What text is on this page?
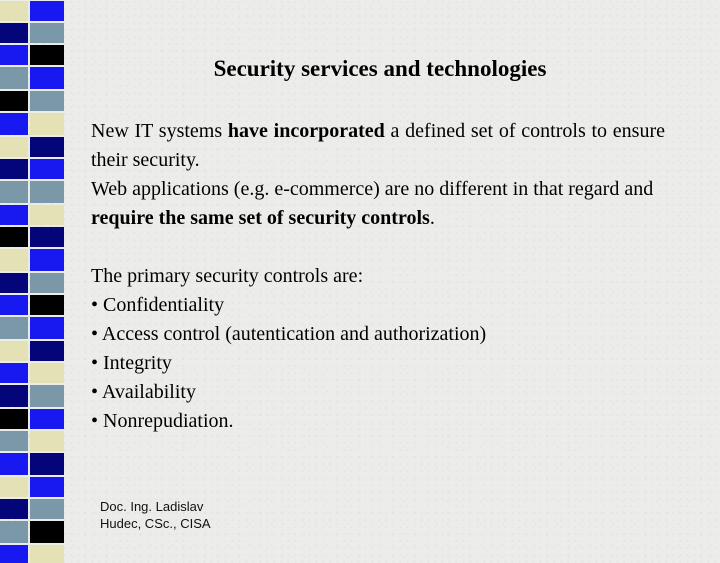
Security services and technologies

New IT systems have incorporated a defined set of controls to ensure their security.

Web applications (e.g. e-commerce) are no different in that regard and require the same set of security controls.

The primary security controls are:
• Confidentiality
• Access control (autentication and authorization)
• Integrity
• Availability
• Nonrepudiation.
Doc. Ing. Ladislav
Hudec, CSc., CISA
